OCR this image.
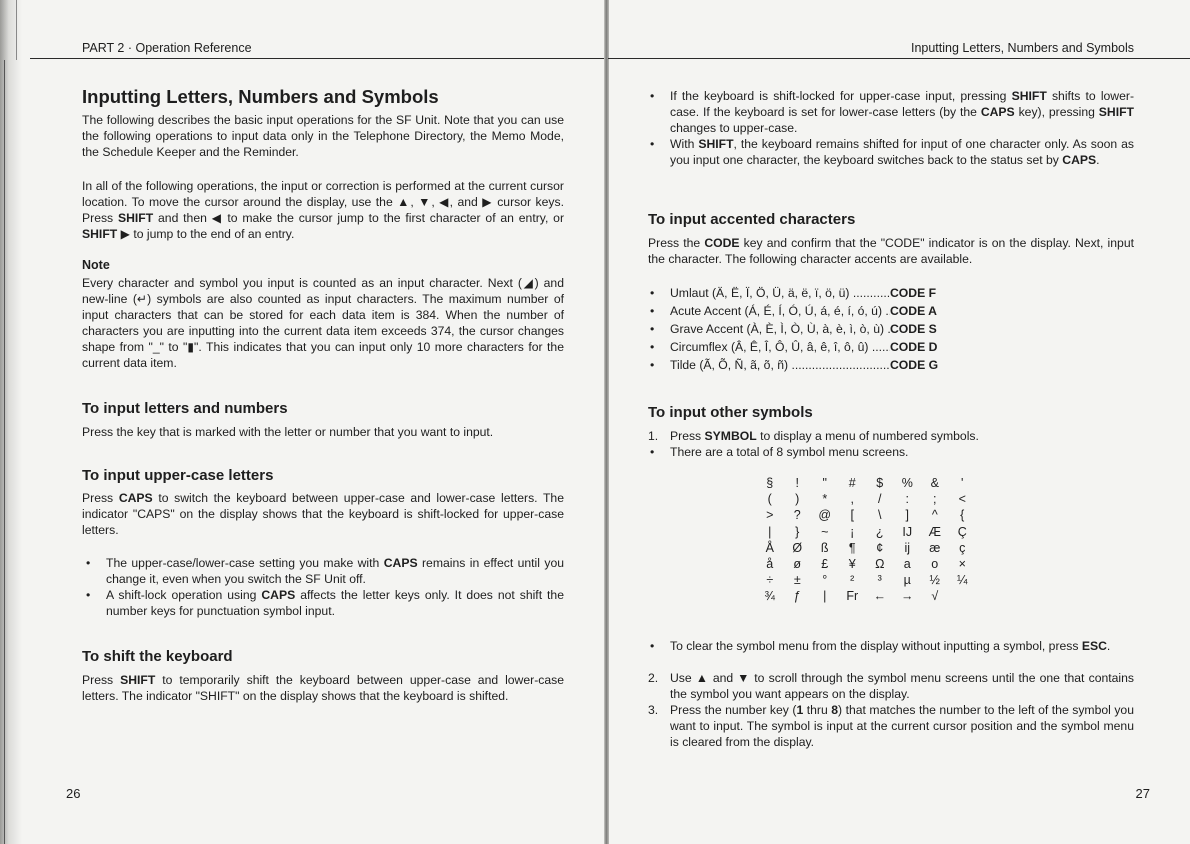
PART 2 · Operation Reference
Inputting Letters, Numbers and Symbols
The following describes the basic input operations for the SF Unit. Note that you can use the following operations to input data only in the Telephone Directory, the Memo Mode, the Schedule Keeper and the Reminder.
In all of the following operations, the input or correction is performed at the current cursor location. To move the cursor around the display, use the ▲, ▼, ◀, and ▶ cursor keys. Press SHIFT and then ◀ to make the cursor jump to the first character of an entry, or SHIFT ▶ to jump to the end of an entry.
Note
Every character and symbol you input is counted as an input character. Next (◢) and new-line (↵) symbols are also counted as input characters. The maximum number of input characters that can be stored for each data item is 384. When the number of characters you are inputting into the current data item exceeds 374, the cursor changes shape from "_" to "▮". This indicates that you can input only 10 more characters for the current data item.
To input letters and numbers
Press the key that is marked with the letter or number that you want to input.
To input upper-case letters
Press CAPS to switch the keyboard between upper-case and lower-case letters. The indicator "CAPS" on the display shows that the keyboard is shift-locked for upper-case letters.
• The upper-case/lower-case setting you make with CAPS remains in effect until you change it, even when you switch the SF Unit off.
• A shift-lock operation using CAPS affects the letter keys only. It does not shift the number keys for punctuation symbol input.
To shift the keyboard
Press SHIFT to temporarily shift the keyboard between upper-case and lower-case letters. The indicator "SHIFT" on the display shows that the keyboard is shifted.
26
Inputting Letters, Numbers and Symbols
• If the keyboard is shift-locked for upper-case input, pressing SHIFT shifts to lower-case. If the keyboard is set for lower-case letters (by the CAPS key), pressing SHIFT changes to upper-case.
• With SHIFT, the keyboard remains shifted for input of one character only. As soon as you input one character, the keyboard switches back to the status set by CAPS.
To input accented characters
Press the CODE key and confirm that the "CODE" indicator is on the display. Next, input the character. The following character accents are available.
• Umlaut (Ä, Ë, Ï, Ö, Ü, ä, ë, ï, ö, ü) .....	CODE F
• Acute Accent (Á, É, Í, Ó, Ú, á, é, í, ó, ú) ..... CODE A
• Grave Accent (À, È, Ì, Ò, Ù, à, è, ì, ò, ù) ..... CODE S
• Circumflex (Â, Ê, Î, Ô, Û, â, ê, î, ô, û) ..... CODE D
• Tilde (Ã, Õ, Ñ, ã, õ, ñ) .....	CODE G
To input other symbols
1. Press SYMBOL to display a menu of numbered symbols.
• There are a total of 8 symbol menu screens.
§	!	"	#	$	%	&	'
(	)	*	,	/	:	;	<
>	?	@	[	\	]	^	{
|	}	~	¡	¿	IJ	Æ	Ç
Å	Ø	ß	¶	¢	ij	æ	ç
å	ø	£	¥	Ω	a	o	×
÷	±	°	²	³	µ	½	¼
¾	ƒ	|	Fr	←	→	√	
• To clear the symbol menu from the display without inputting a symbol, press ESC.
2. Use ▲ and ▼ to scroll through the symbol menu screens until the one that contains the symbol you want appears on the display.
3. Press the number key (1 thru 8) that matches the number to the left of the symbol you want to input. The symbol is input at the current cursor position and the symbol menu is cleared from the display.
27
